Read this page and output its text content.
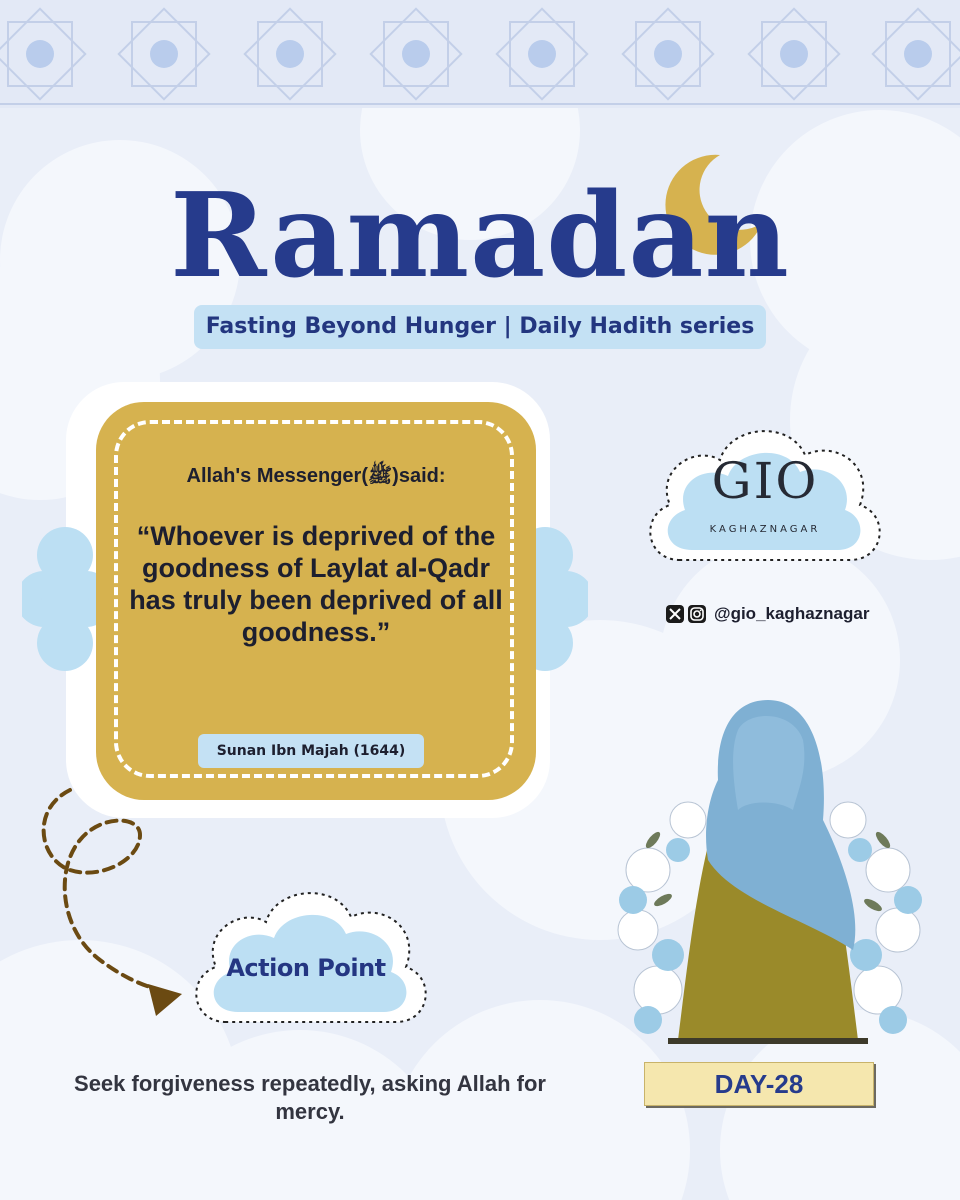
Ramadan
Fasting Beyond Hunger | Daily Hadith series
Allah's Messenger(ﷺ)said:
“Whoever is deprived of the goodness of Laylat al-Qadr has truly been deprived of all goodness.”
Sunan Ibn Majah (1644)
GIO
KAGHAZNAGAR
@gio_kaghaznagar
Action Point
Seek forgiveness repeatedly, asking Allah for mercy.
DAY-28
